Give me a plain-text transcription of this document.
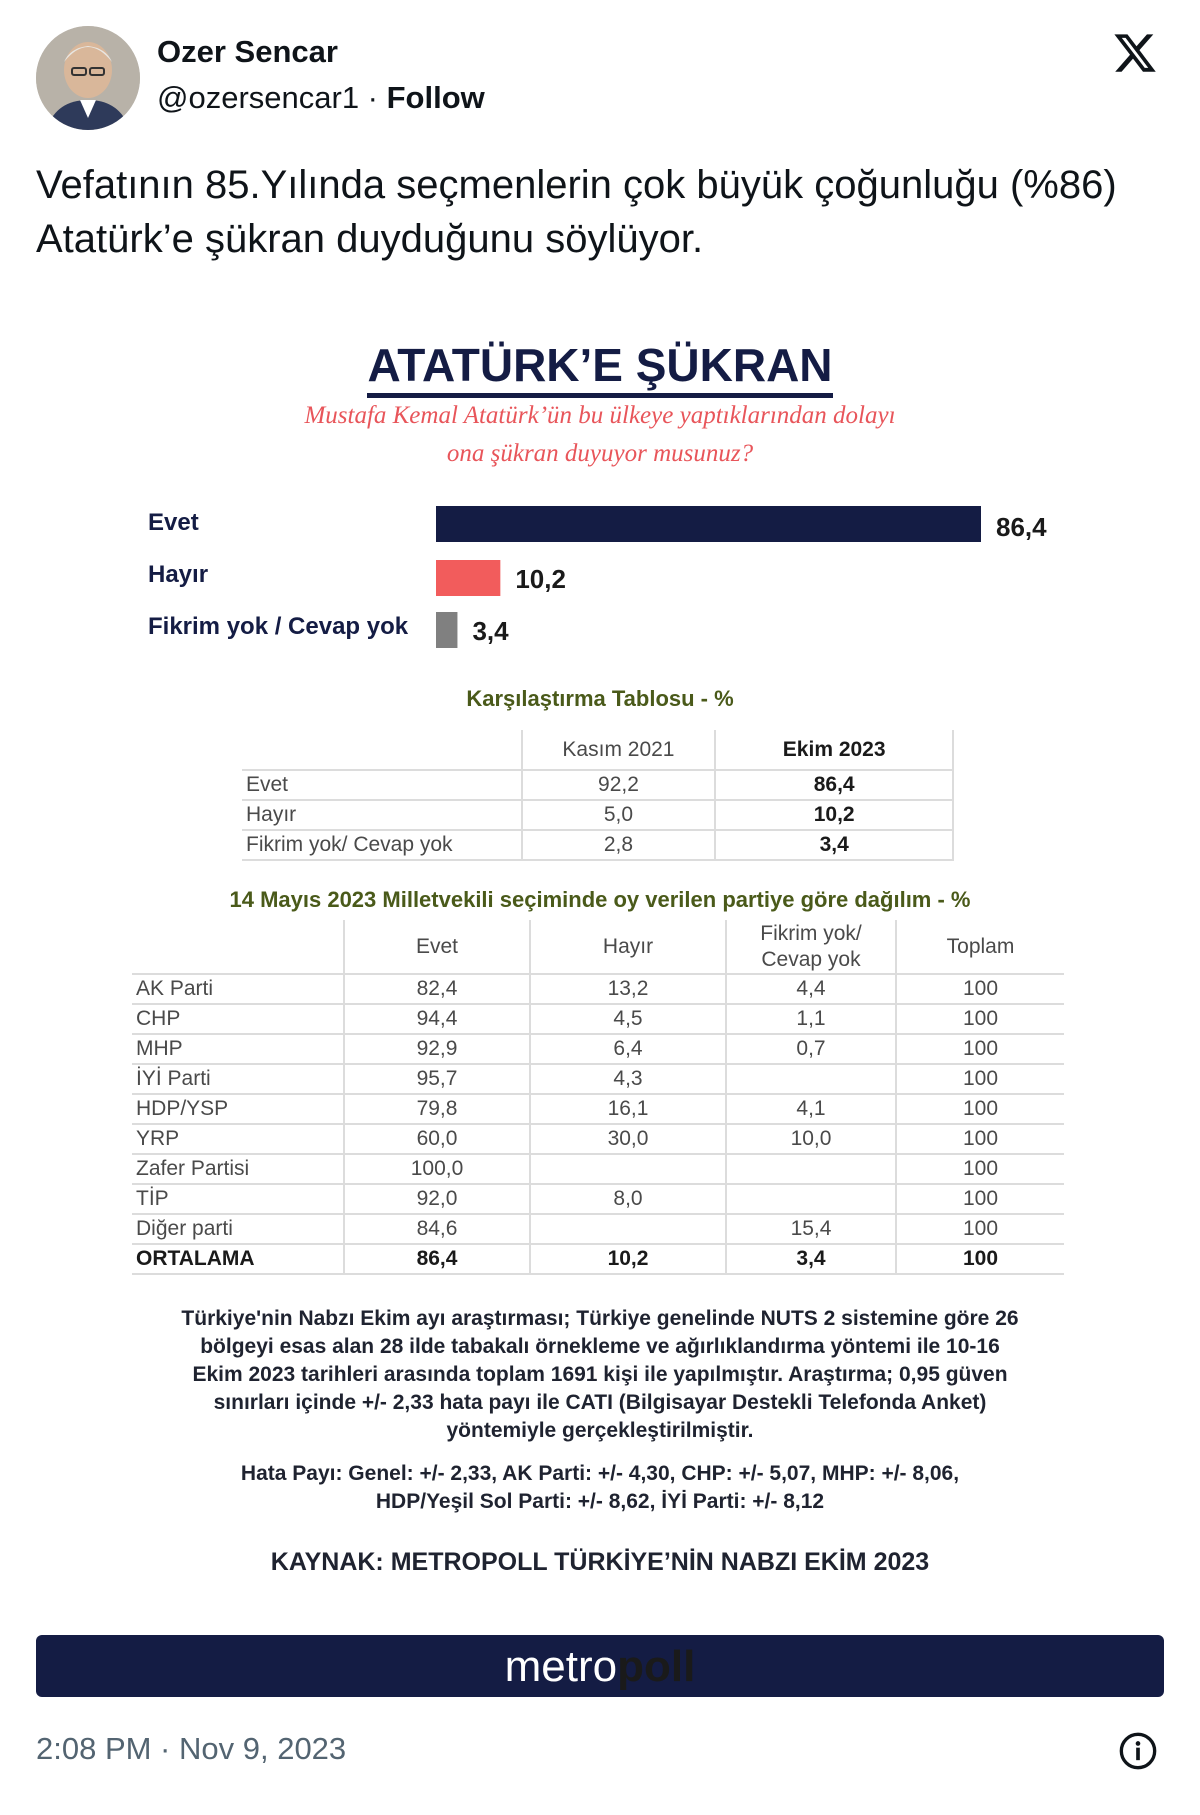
Ozer Sencar
@ozersencar1 · Follow
Vefatının 85.Yılında seçmenlerin çok büyük çoğunluğu (%86) Atatürk’e şükran duyduğunu söylüyor.
ATATÜRK’E ŞÜKRAN
Mustafa Kemal Atatürk’ün bu ülkeye yaptıklarından dolayı
ona şükran duyuyor musunuz?
Evet	86,4
Hayır	10,2
Fikrim yok / Cevap yok 3,4
Karşılaştırma Tablosu - %
	Kasım 2021	Ekim 2023
Evet	92,2	86,4
Hayır	5,0	10,2
Fikrim yok/ Cevap yok	2,8	3,4
14 Mayıs 2023 Milletvekili seçiminde oy verilen partiye göre dağılım - %
	Evet	Hayır	Fikrim yok/
Cevap yok	Toplam
AK Parti	82,4	13,2	4,4	100
CHP	94,4	4,5	1,1	100
MHP	92,9	6,4	0,7	100
İYİ Parti	95,7	4,3		100
HDP/YSP	79,8	16,1	4,1	100
YRP	60,0	30,0	10,0	100
Zafer Partisi	100,0			100
TİP	92,0	8,0		100
Diğer parti	84,6		15,4	100
ORTALAMA	86,4	10,2	3,4	100
Türkiye'nin Nabzı Ekim ayı araştırması; Türkiye genelinde NUTS 2 sistemine göre 26
bölgeyi esas alan 28 ilde tabakalı örnekleme ve ağırlıklandırma yöntemi ile 10-16
Ekim 2023 tarihleri arasında toplam 1691 kişi ile yapılmıştır. Araştırma; 0,95 güven
sınırları içinde +/- 2,33 hata payı ile CATI (Bilgisayar Destekli Telefonda Anket)
yöntemiyle gerçekleştirilmiştir.
Hata Payı: Genel: +/- 2,33, AK Parti: +/- 4,30, CHP: +/- 5,07, MHP: +/- 8,06,
HDP/Yeşil Sol Parti: +/- 8,62, İYİ Parti: +/- 8,12
KAYNAK: METROPOLL TÜRKİYE’NİN NABZI EKİM 2023
metropoll
2:08 PM · Nov 9, 2023
